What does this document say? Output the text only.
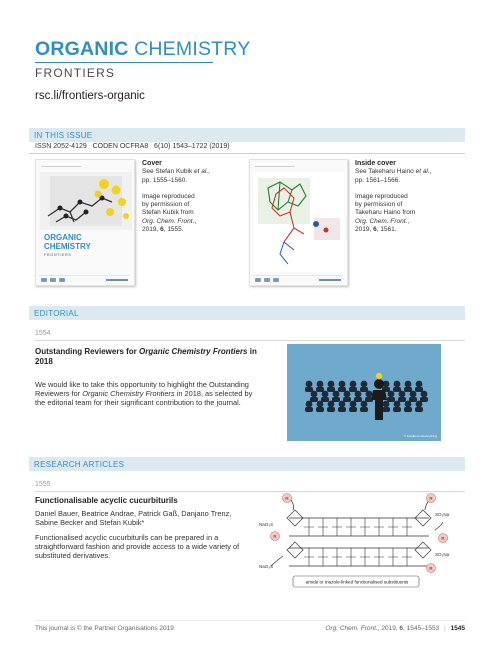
ORGANIC CHEMISTRY
FRONTIERS
rsc.li/frontiers-organic
IN THIS ISSUE
ISSN 2052-4129   CODEN OCFRA8   6(10) 1543–1722 (2019)
ORGANIC
CHEMISTRY
FRONTIERS

Cover

See Stefan Kubik et al.,

pp. 1555–1560.

Image reproduced

by permission of

Stefan Kubik from

Org. Chem. Front.,

2019, 6, 1555.

Inside cover

See Takeharu Haino et al.,

pp. 1561–1566.

Image reproduced

by permission of

Takeharu Haino from

Org. Chem. Front.,

2019, 6, 1561.

EDITORIAL
1554
Outstanding Reviewers for Organic Chemistry Frontiers in 2018
We would like to take this opportunity to highlight the Outstanding Reviewers for Organic Chemistry Frontiers in 2018, as selected by the editorial team for their significant contribution to the journal.
© Fotolia.com/everything
RESEARCH ARTICLES
1555
Functionalisable acyclic cucurbiturils
Daniel Bauer, Beatrice Andrae, Patrick Gaß, Danjano Trenz, Sabine Becker and Stefan Kubik*
Functionalised acyclic cucurbiturils can be prepared in a straightforward fashion and provide access to a wide variety of substituted derivatives.
R	R
R	R
R
NaO₃S
NaO₃S
SO₃Na
SO₃Na
amide or triazole-linked functionalised substituents
This journal is © the Partner Organisations 2019	Org. Chem. Front., 2019, 6, 1545–1553 | 1545
